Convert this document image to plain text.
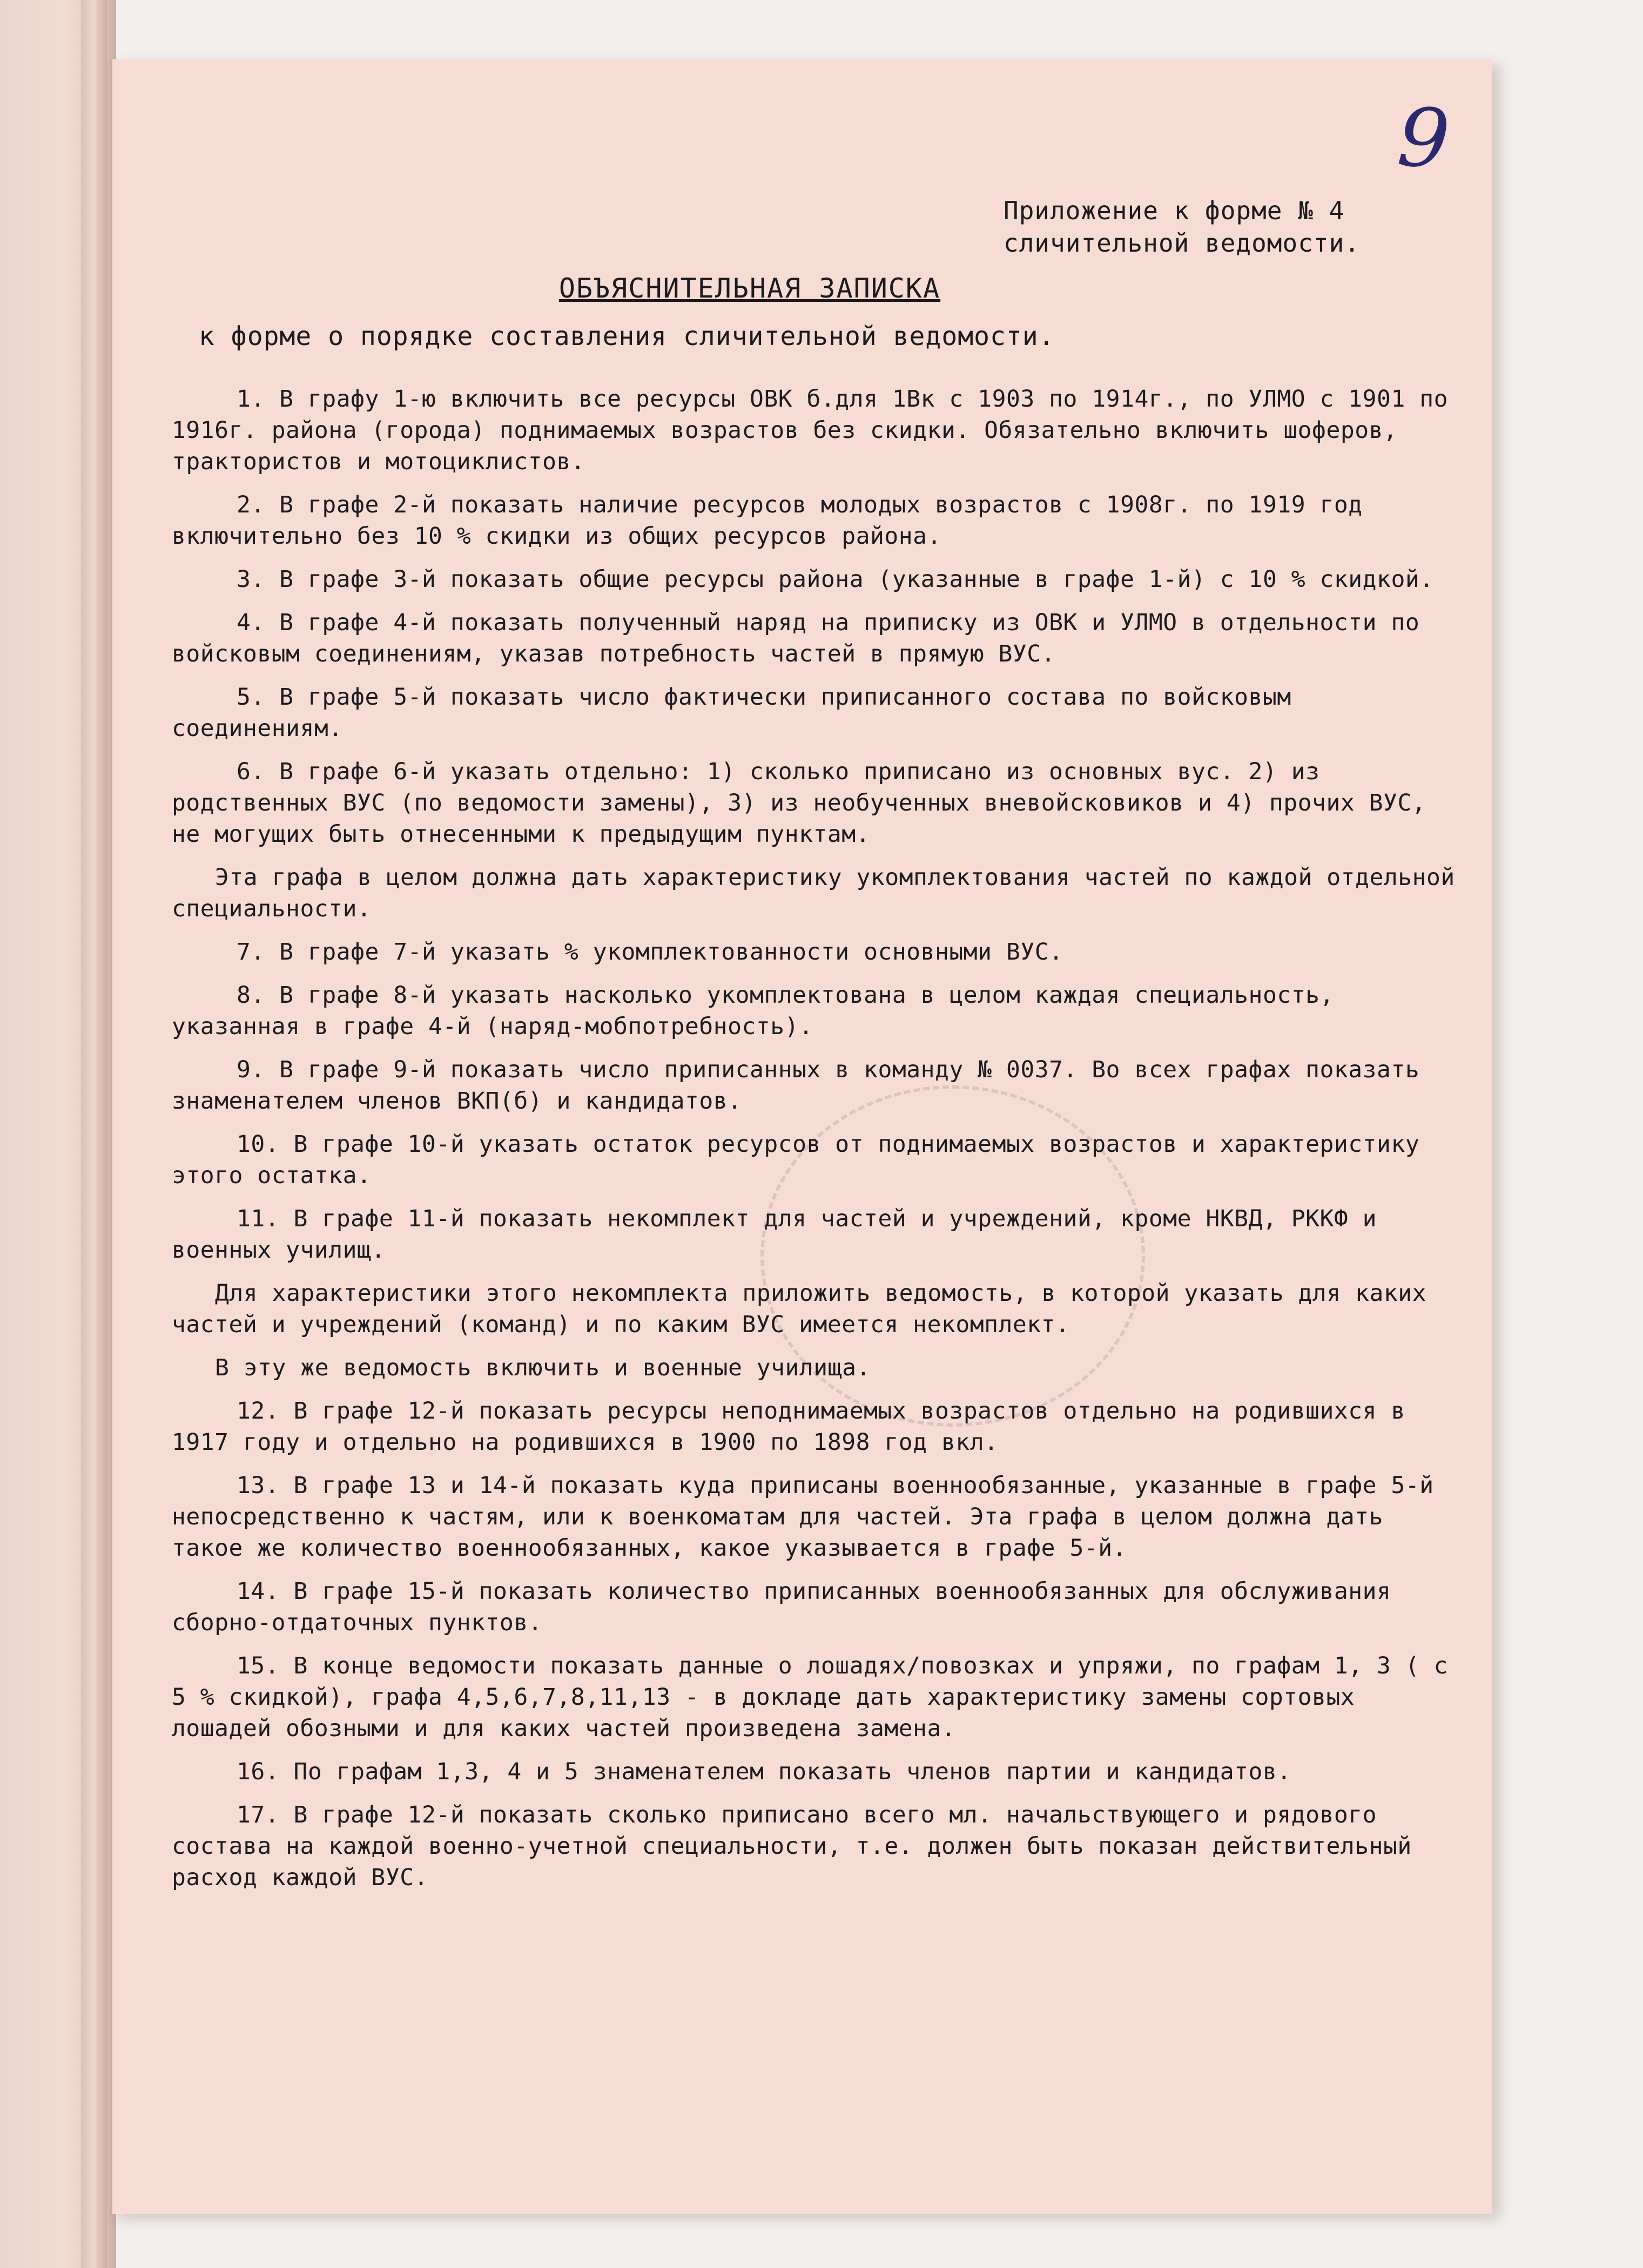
9
Приложение к форме № 4
сличительной ведомости.
ОБЪЯСНИТЕЛЬНАЯ ЗАПИСКА
к форме о порядке составления сличительной ведомости.

1. В графу 1-ю включить все ресурсы ОВК б.для 1Вк с 1903 по 1914г., по УЛМО с 1901 по 1916г. района (города) поднимаемых возрастов без скидки. Обязательно включить шоферов, трактористов и мотоциклистов.

2. В графе 2-й показать наличие ресурсов молодых возрастов с 1908г. по 1919 год включительно без 10 % скидки из общих ресурсов района.

3. В графе 3-й показать общие ресурсы района (указанные в графе 1-й) с 10 % скидкой.

4. В графе 4-й показать полученный наряд на приписку из ОВК и УЛМО в отдельности по войсковым соединениям, указав потребность частей в прямую ВУС.

5. В графе 5-й показать число фактически приписанного состава по войсковым соединениям.

6. В графе 6-й указать отдельно: 1) сколько приписано из основных вус. 2) из родственных ВУС (по ведомости замены), 3) из необученных вневойсковиков и 4) прочих ВУС, не могущих быть отнесенными к предыдущим пунктам.

Эта графа в целом должна дать характеристику укомплектования частей по каждой отдельной специальности.

7. В графе 7-й указать % укомплектованности основными ВУС.

8. В графе 8-й указать насколько укомплектована в целом каждая специальность, указанная в графе 4-й (наряд-мобпотребность).

9. В графе 9-й показать число приписанных в команду № 0037. Во всех графах показать знаменателем членов ВКП(б) и кандидатов.

10. В графе 10-й указать остаток ресурсов от поднимаемых возрастов и характеристику этого остатка.

11. В графе 11-й показать некомплект для частей и учреждений, кроме НКВД, РККФ и военных училищ.

Для характеристики этого некомплекта приложить ведомость, в которой указать для каких частей и учреждений (команд) и по каким ВУС имеется некомплект.

В эту же ведомость включить и военные училища.

12. В графе 12-й показать ресурсы неподнимаемых возрастов отдельно на родившихся в 1917 году и отдельно на родившихся в 1900 по 1898 год вкл.

13. В графе 13 и 14-й показать куда приписаны военнообязанные, указанные в графе 5-й непосредственно к частям, или к военкоматам для частей. Эта графа в целом должна дать такое же количество военнообязанных, какое указывается в графе 5-й.

14. В графе 15-й показать количество приписанных военнообязанных для обслуживания сборно-отдаточных пунктов.

15. В конце ведомости показать данные о лошадях/повозках и упряжи, по графам 1, 3 ( с 5 % скидкой), графа 4,5,6,7,8,11,13 - в докладе дать характеристику замены сортовых лошадей обозными и для каких частей произведена замена.

16. По графам 1,3, 4 и 5 знаменателем показать членов партии и кандидатов.

17. В графе 12-й показать сколько приписано всего мл. начальствующего и рядового состава на каждой военно-учетной специальности, т.е. должен быть показан действительный расход каждой ВУС.
